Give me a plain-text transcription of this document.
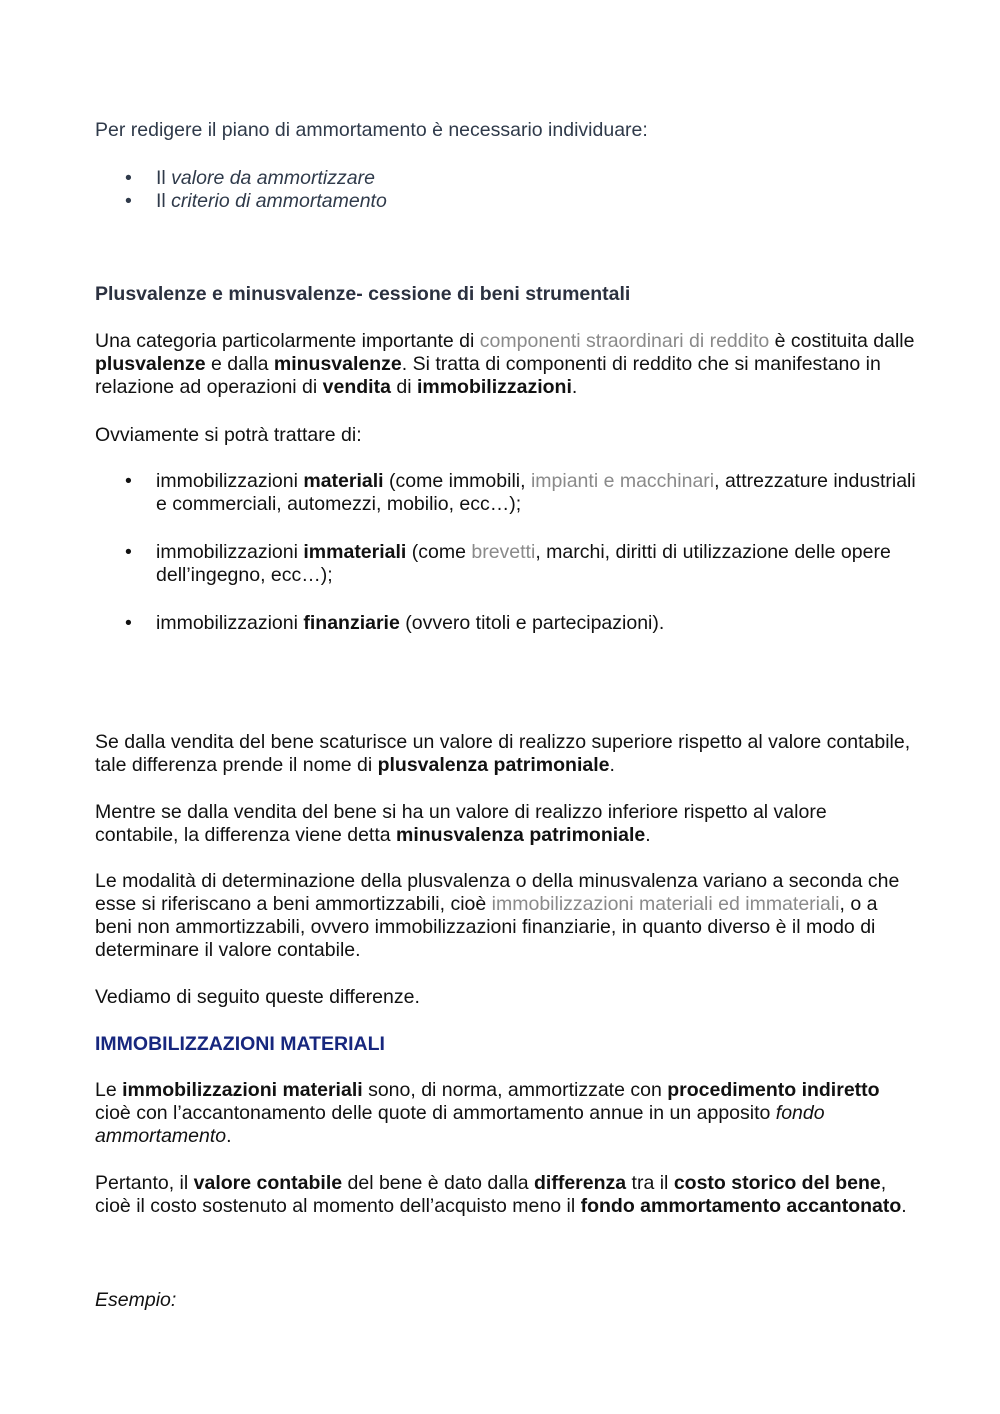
Per redigere il piano di ammortamento è necessario individuare:

• Il valore da ammortizzare
• Il criterio di ammortamento

Plusvalenze e minusvalenze- cessione di beni strumentali

Una categoria particolarmente importante di componenti straordinari di reddito è costituita dalle plusvalenze e dalla minusvalenze. Si tratta di componenti di reddito che si manifestano in relazione ad operazioni di vendita di immobilizzazioni.

Ovviamente si potrà trattare di:

• immobilizzazioni materiali (come immobili, impianti e macchinari, attrezzature industriali e commerciali, automezzi, mobilio, ecc…);
• immobilizzazioni immateriali (come brevetti, marchi, diritti di utilizzazione delle opere dell’ingegno, ecc…);
• immobilizzazioni finanziarie (ovvero titoli e partecipazioni).

Se dalla vendita del bene scaturisce un valore di realizzo superiore rispetto al valore contabile, tale differenza prende il nome di plusvalenza patrimoniale.

Mentre se dalla vendita del bene si ha un valore di realizzo inferiore rispetto al valore contabile, la differenza viene detta minusvalenza patrimoniale.

Le modalità di determinazione della plusvalenza o della minusvalenza variano a seconda che esse si riferiscano a beni ammortizzabili, cioè immobilizzazioni materiali ed immateriali, o a beni non ammortizzabili, ovvero immobilizzazioni finanziarie, in quanto diverso è il modo di determinare il valore contabile.

Vediamo di seguito queste differenze.

IMMOBILIZZAZIONI MATERIALI

Le immobilizzazioni materiali sono, di norma, ammortizzate con procedimento indiretto cioè con l’accantonamento delle quote di ammortamento annue in un apposito fondo ammortamento.

Pertanto, il valore contabile del bene è dato dalla differenza tra il costo storico del bene, cioè il costo sostenuto al momento dell’acquisto meno il fondo ammortamento accantonato.

Esempio:
